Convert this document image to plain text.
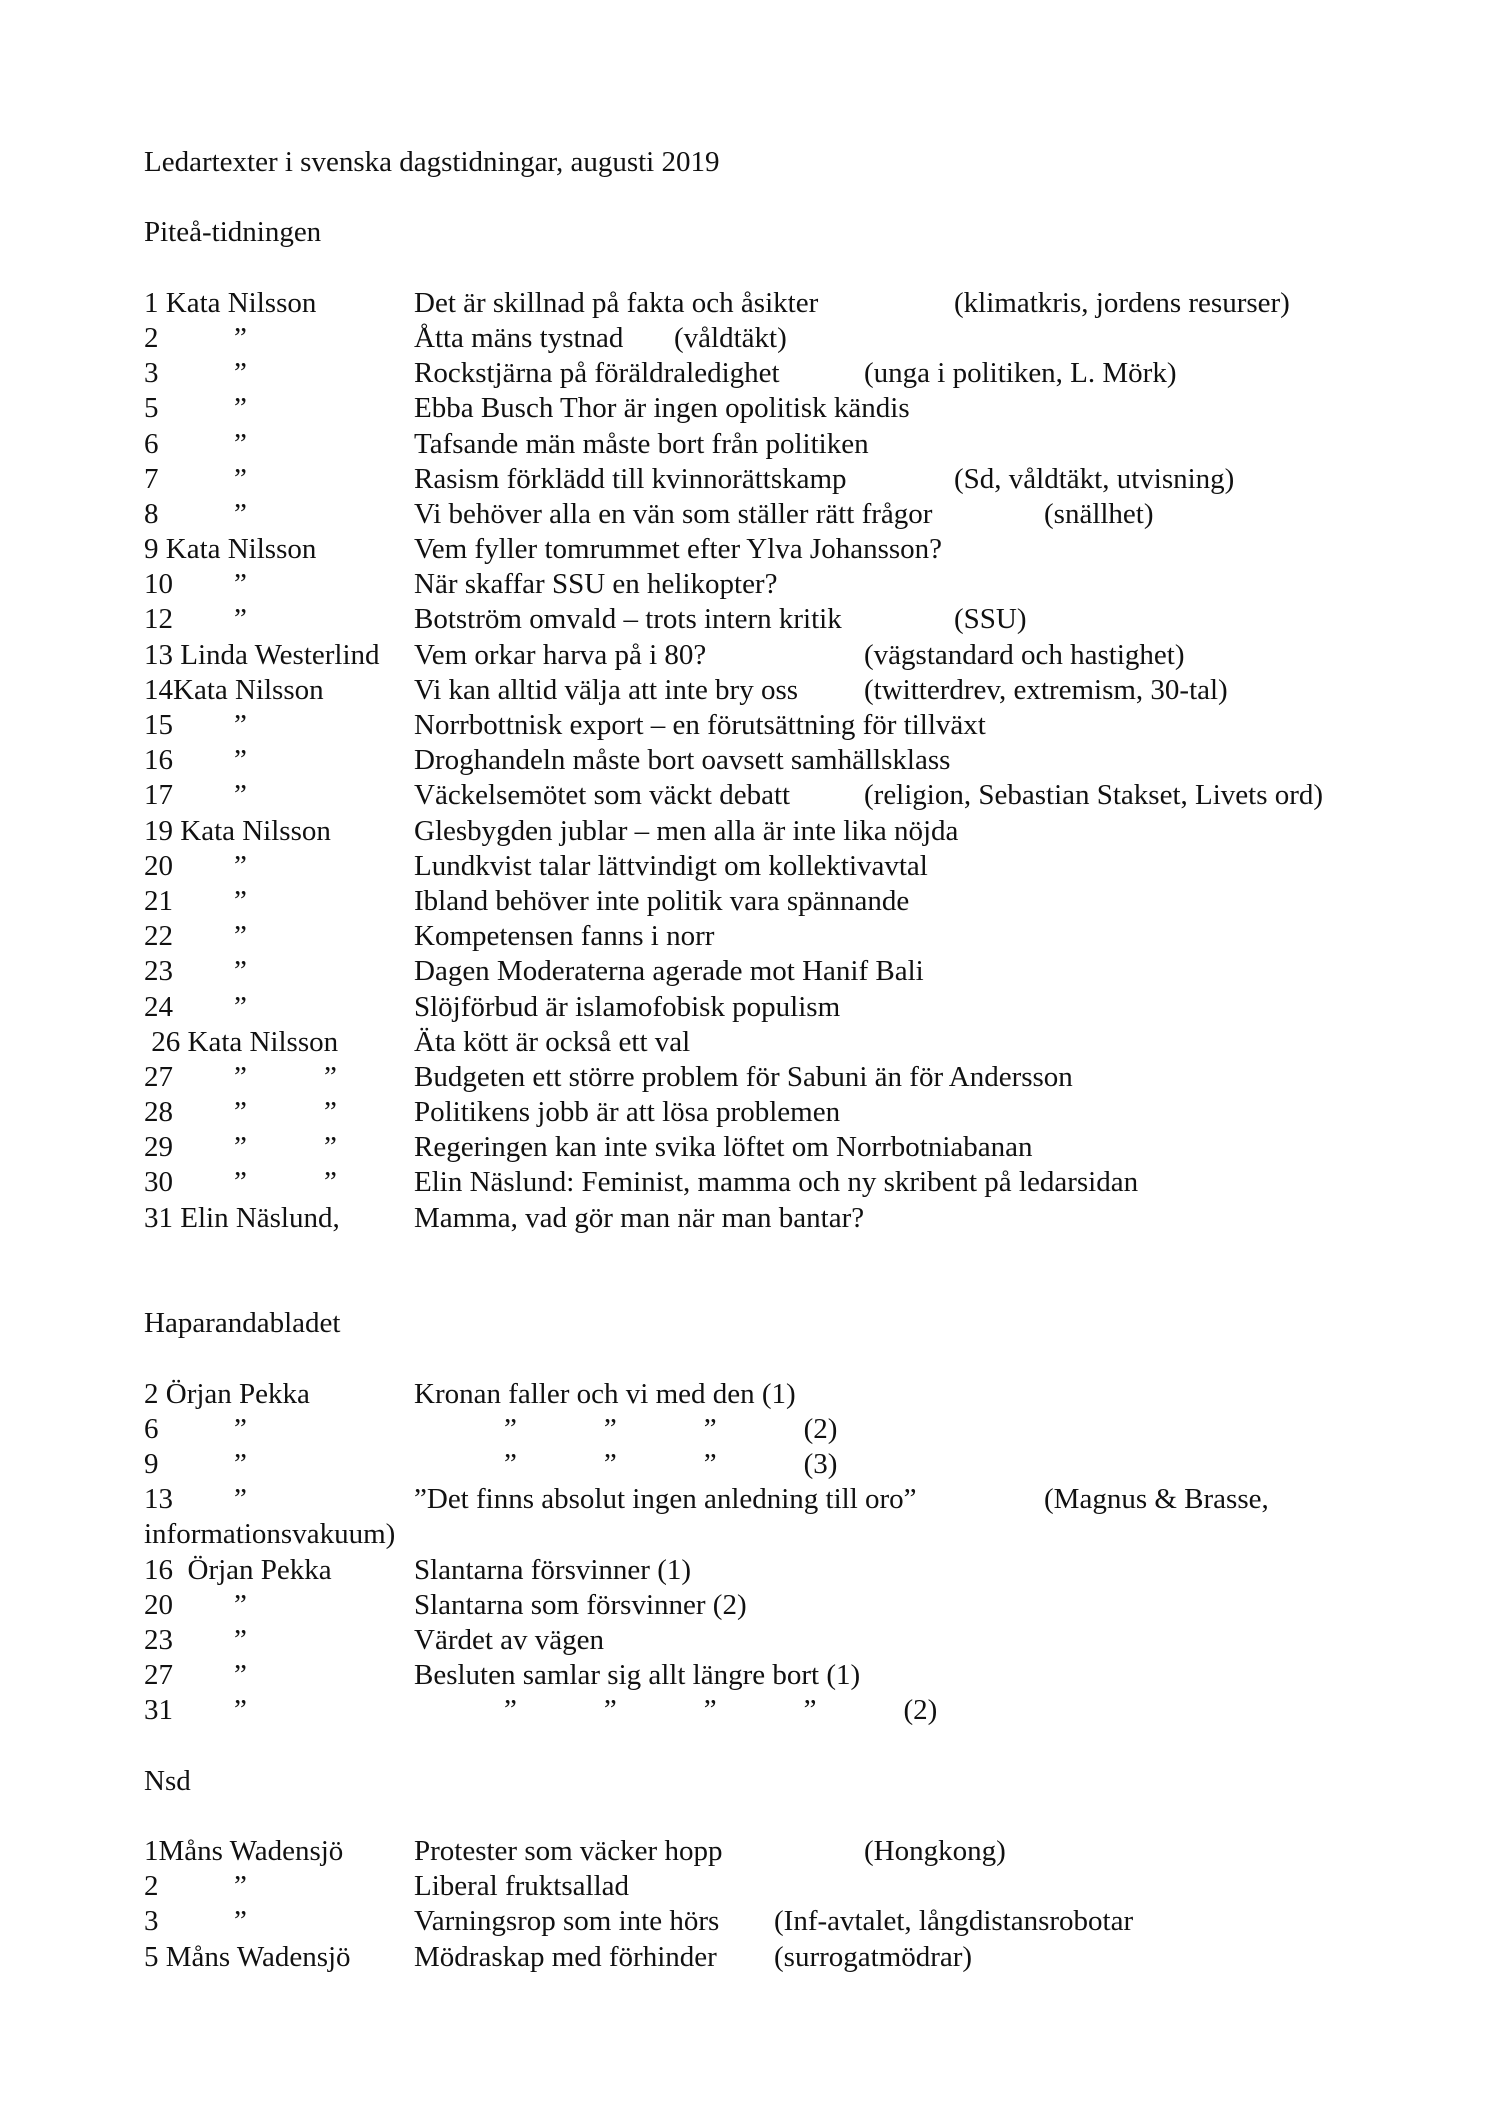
Ledartexter i svenska dagstidningar, augusti 2019
Piteå-tidningen
1 Kata Nilsson	Det är skillnad på fakta och åsikter	(klimatkris, jordens resurser)
2	”	Åtta mäns tystnad (våldtäkt)
3	”	Rockstjärna på föräldraledighet	(unga i politiken, L. Mörk)
5	”	Ebba Busch Thor är ingen opolitisk kändis
6	”	Tafsande män måste bort från politiken
7	”	Rasism förklädd till kvinnorättskamp	(Sd, våldtäkt, utvisning)
8	”	Vi behöver alla en vän som ställer rätt frågor	(snällhet)
9 Kata Nilsson	Vem fyller tomrummet efter Ylva Johansson?
10 ”	När skaffar SSU en helikopter?
12 ”	Botström omvald – trots intern kritik	(SSU)
13 Linda Westerlind Vem orkar harva på i 80?	(vägstandard och hastighet)
14Kata Nilsson	Vi kan alltid välja att inte bry oss (twitterdrev, extremism, 30-tal)
15 ”	Norrbottnisk export – en förutsättning för tillväxt
16 ”	Droghandeln måste bort oavsett samhällsklass
17 ”	Väckelsemötet som väckt debatt	(religion, Sebastian Stakset, Livets ord)
19 Kata Nilsson	Glesbygden jublar – men alla är inte lika nöjda
20 ”	Lundkvist talar lättvindigt om kollektivavtal
21 ”	Ibland behöver inte politik vara spännande
22 ”	Kompetensen fanns i norr
23 ”	Dagen Moderaterna agerade mot Hanif Bali
24 ”	Slöjförbud är islamofobisk populism
26 Kata Nilsson	Äta kött är också ett val
27 ”	”	Budgeten ett större problem för Sabuni än för Andersson
28 ”	”	Politikens jobb är att lösa problemen
29 ”	”	Regeringen kan inte svika löftet om Norrbotniabanan
30 ”	”	Elin Näslund: Feminist, mamma och ny skribent på ledarsidan
31 Elin Näslund,	Mamma, vad gör man när man bantar?
Haparandabladet
2 Örjan Pekka	Kronan faller och vi med den (1)
6	”	”            ”            ”            (2)
9	”	”            ”            ”            (3)
13 ”	”Det finns absolut ingen anledning till oro”	(Magnus & Brasse,
informationsvakuum)
16  Örjan Pekka	Slantarna försvinner (1)
20 ”	Slantarna som försvinner (2)
23 ”	Värdet av vägen
27 ”	Besluten samlar sig allt längre bort (1)
31 ”	”            ”            ”            ”            (2)
Nsd
1Måns Wadensjö Protester som väcker hopp	(Hongkong)
2	”	Liberal fruktsallad
3	”	Varningsrop som inte hörs (Inf-avtalet, långdistansrobotar
5 Måns Wadensjö Mödraskap med förhinder (surrogatmödrar)
